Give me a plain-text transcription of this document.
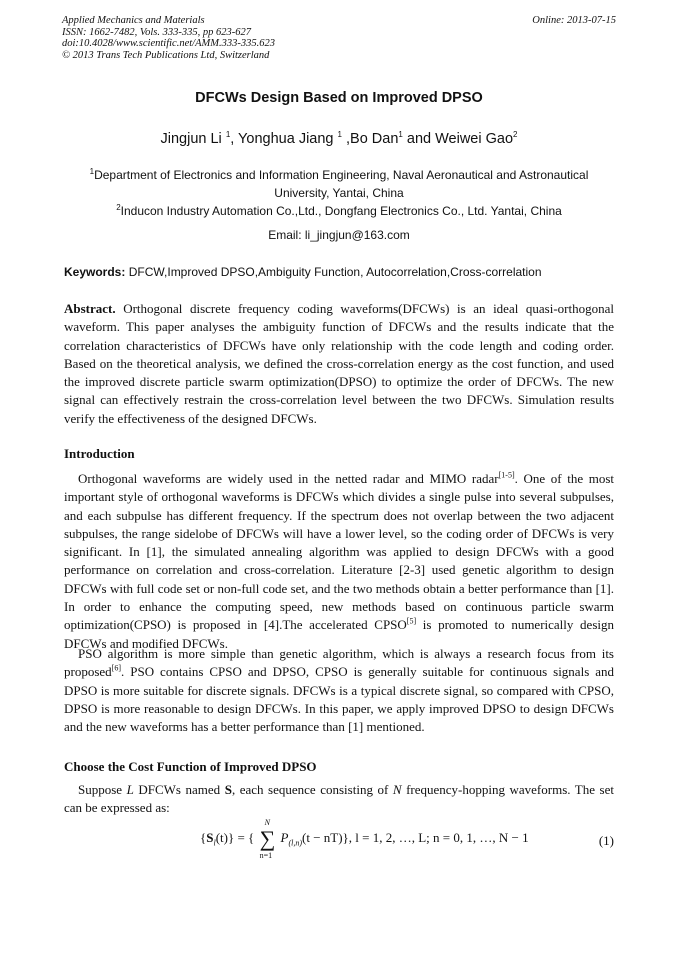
Applied Mechanics and Materials
ISSN: 1662-7482, Vols. 333-335, pp 623-627
doi:10.4028/www.scientific.net/AMM.333-335.623
© 2013 Trans Tech Publications Ltd, Switzerland
Online: 2013-07-15
DFCWs Design Based on Improved DPSO
Jingjun Li $^1$, Yonghua Jiang $^1$ ,Bo Dan$^1$ and Weiwei Gao$^2$
$^1$Department of Electronics and Information Engineering, Naval Aeronautical and Astronautical University, Yantai, China
$^2$Inducon Industry Automation Co.,Ltd., Dongfang Electronics Co., Ltd. Yantai, China
Email: li_jingjun@163.com
Keywords: DFCW,Improved DPSO,Ambiguity Function, Autocorrelation,Cross-correlation
Abstract. Orthogonal discrete frequency coding waveforms(DFCWs) is an ideal quasi-orthogonal waveform. This paper analyses the ambiguity function of DFCWs and the results indicate that the correlation characteristics of DFCWs have only relationship with the code length and coding order. Based on the theoretical analysis, we defined the cross-correlation energy as the cost function, and used the improved discrete particle swarm optimization(DPSO) to optimize the order of DFCWs. The new signal can effectively restrain the cross-correlation level between the two DFCWs. Simulation results verify the effectiveness of the designed DFCWs.
Introduction
Orthogonal waveforms are widely used in the netted radar and MIMO radar[1-5]. One of the most important style of orthogonal waveforms is DFCWs which divides a single pulse into several subpulses, and each subpulse has different frequency. If the spectrum does not overlap between the two adjacent subpulses, the range sidelobe of DFCWs will have a lower level, so the coding order of DFCWs is very significant. In [1], the simulated annealing algorithm was applied to design DFCWs with a good performance on correlation and cross-correlation. Literature [2-3] used genetic algorithm to design DFCWs with full code set or non-full code set, and the two methods obtain a better performance than [1]. In order to enhance the computing speed, new methods based on continuous particle swarm optimization(CPSO) is proposed in [4].The accelerated CPSO[5] is promoted to numerically design DFCWs and modified DFCWs.
PSO algorithm is more simple than genetic algorithm, which is always a research focus from its proposed[6]. PSO contains CPSO and DPSO, CPSO is generally suitable for continuous signals and DPSO is more suitable for discrete signals. DFCWs is a typical discrete signal, so compared with CPSO, DPSO is more reasonable to design DFCWs. In this paper, we apply improved DPSO to design DFCWs and the new waveforms has a better performance than [1] mentioned.
Choose the Cost Function of Improved DPSO
Suppose L DFCWs named S, each sequence consisting of N frequency-hopping waveforms. The set can be expressed as:
$\{S_l(t)\}$ = { ∑
N
n=1
$P_{(l,n)}(t - nT)$}, l = 1, 2, …, L; n = 0, 1, …, N − 1	(1)
